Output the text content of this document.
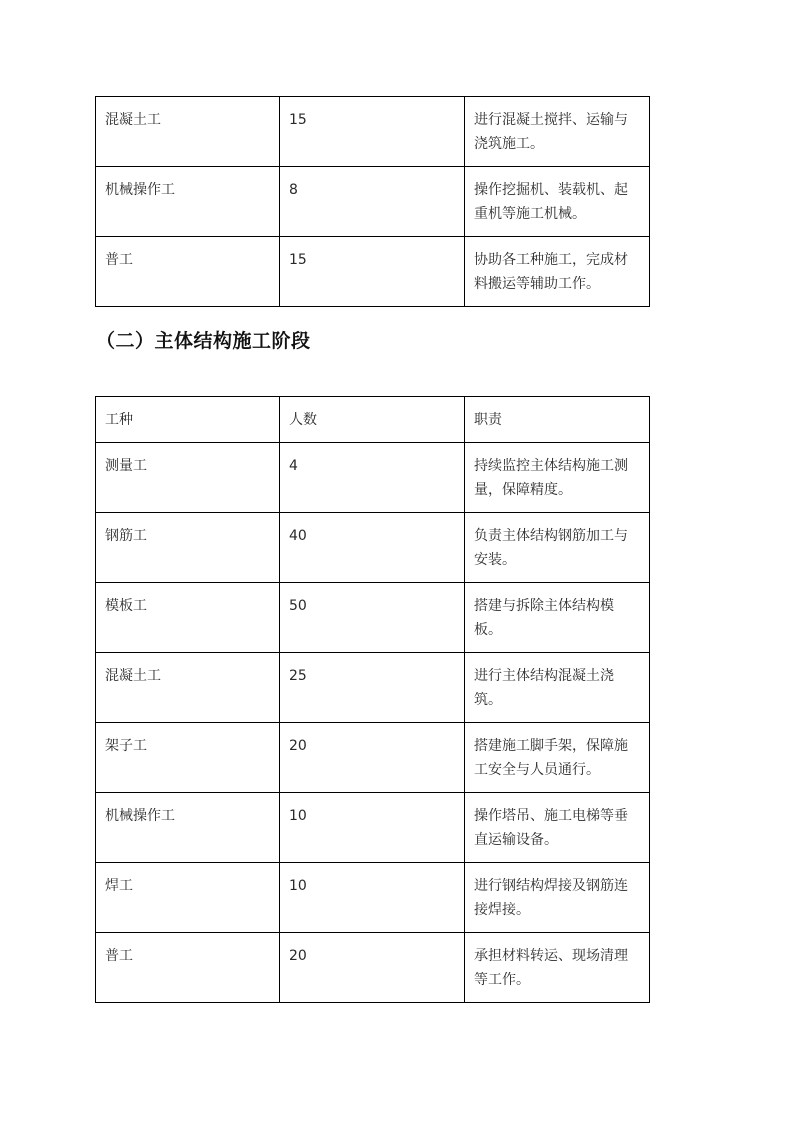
混凝土工	15	进行混凝土搅拌、运输与浇筑施工。
机械操作工	8	操作挖掘机、装载机、起重机等施工机械。
普工	15	协助各工种施工，完成材料搬运等辅助工作。
（二）主体结构施工阶段
工种	人数	职责
测量工	4	持续监控主体结构施工测量，保障精度。
钢筋工	40	负责主体结构钢筋加工与安装。
模板工	50	搭建与拆除主体结构模板。
混凝土工	25	进行主体结构混凝土浇筑。
架子工	20	搭建施工脚手架，保障施工安全与人员通行。
机械操作工	10	操作塔吊、施工电梯等垂直运输设备。
焊工	10	进行钢结构焊接及钢筋连接焊接。
普工	20	承担材料转运、现场清理等工作。
